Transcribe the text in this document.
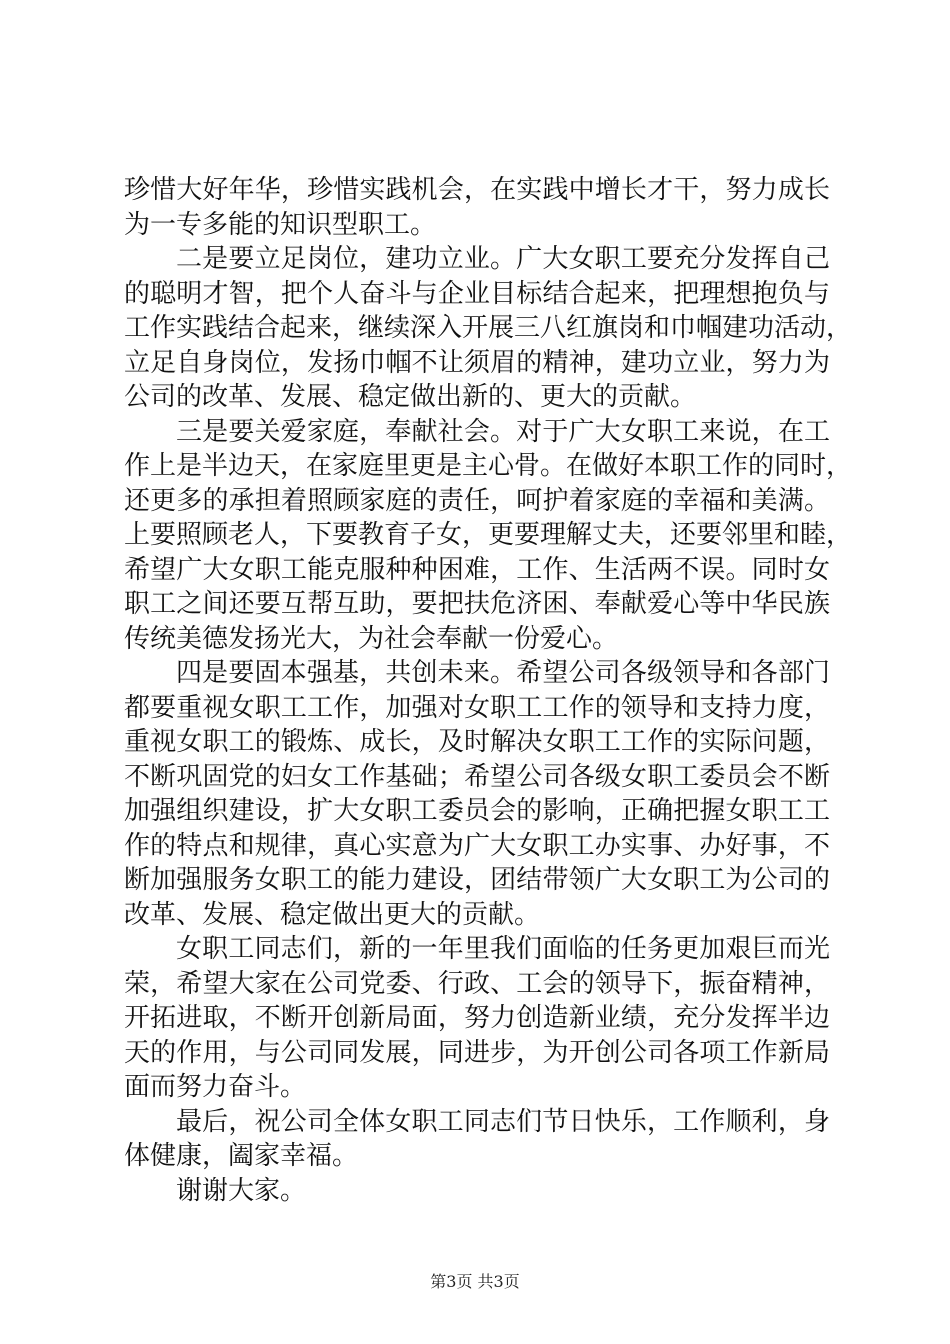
珍惜大好年华，珍惜实践机会，在实践中增长才干，努力成长
为一专多能的知识型职工。
二是要立足岗位，建功立业。广大女职工要充分发挥自己
的聪明才智，把个人奋斗与企业目标结合起来，把理想抱负与
工作实践结合起来，继续深入开展三八红旗岗和巾帼建功活动，
立足自身岗位，发扬巾帼不让须眉的精神，建功立业，努力为
公司的改革、发展、稳定做出新的、更大的贡献。
三是要关爱家庭，奉献社会。对于广大女职工来说，在工
作上是半边天，在家庭里更是主心骨。在做好本职工作的同时，
还更多的承担着照顾家庭的责任，呵护着家庭的幸福和美满。
上要照顾老人，下要教育子女，更要理解丈夫，还要邻里和睦，
希望广大女职工能克服种种困难，工作、生活两不误。同时女
职工之间还要互帮互助，要把扶危济困、奉献爱心等中华民族
传统美德发扬光大，为社会奉献一份爱心。
四是要固本强基，共创未来。希望公司各级领导和各部门
都要重视女职工工作，加强对女职工工作的领导和支持力度，
重视女职工的锻炼、成长，及时解决女职工工作的实际问题，
不断巩固党的妇女工作基础；希望公司各级女职工委员会不断
加强组织建设，扩大女职工委员会的影响，正确把握女职工工
作的特点和规律，真心实意为广大女职工办实事、办好事，不
断加强服务女职工的能力建设，团结带领广大女职工为公司的
改革、发展、稳定做出更大的贡献。
女职工同志们，新的一年里我们面临的任务更加艰巨而光
荣，希望大家在公司党委、行政、工会的领导下，振奋精神，
开拓进取，不断开创新局面，努力创造新业绩，充分发挥半边
天的作用，与公司同发展，同进步，为开创公司各项工作新局
面而努力奋斗。
最后，祝公司全体女职工同志们节日快乐，工作顺利，身
体健康，阖家幸福。
谢谢大家。
第3页 共3页
